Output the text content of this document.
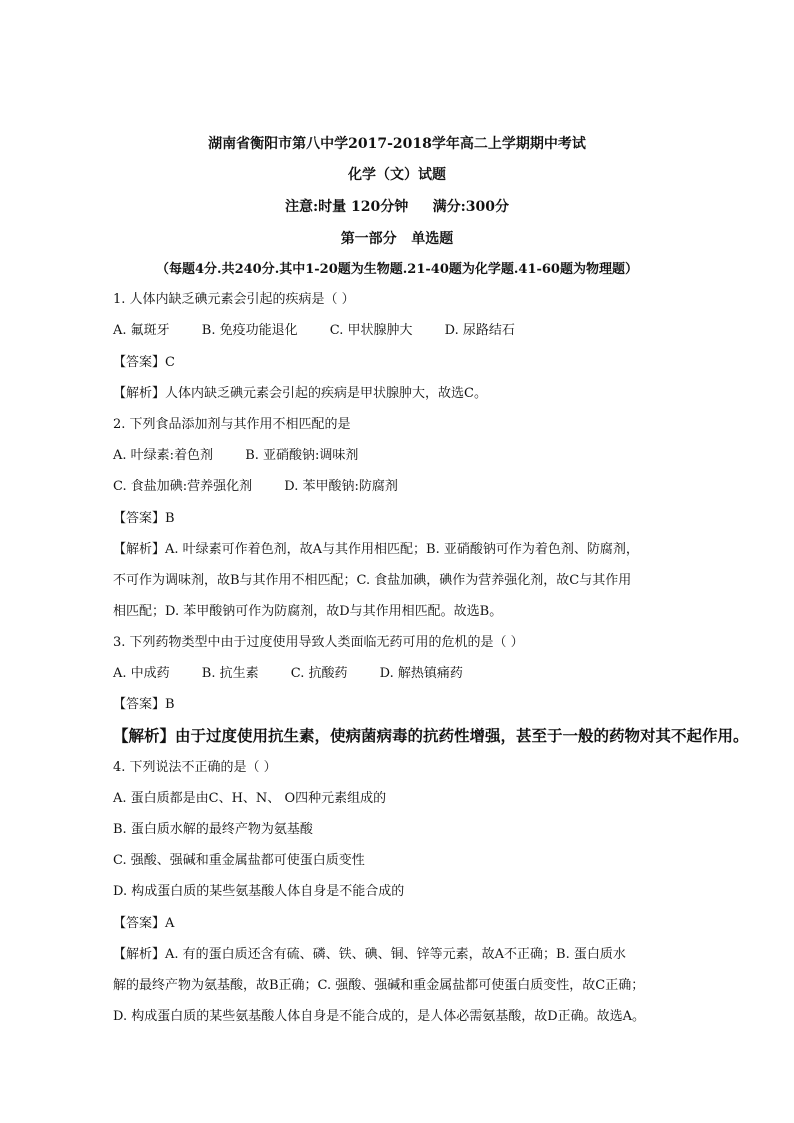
湖南省衡阳市第八中学2017-2018学年高二上学期期中考试
化学（文）试题
注意:时量 120分钟     满分:300分
第一部分   单选题
（每题4分.共240分.其中1-20题为生物题.21-40题为化学题.41-60题为物理题）
1. 人体内缺乏碘元素会引起的疾病是（ ）
A. 氟斑牙 B. 免疫功能退化 C. 甲状腺肿大 D. 尿路结石
【答案】C
【解析】人体内缺乏碘元素会引起的疾病是甲状腺肿大，故选C。
2. 下列食品添加剂与其作用不相匹配的是
A. 叶绿素:着色剂 B. 亚硝酸钠:调味剂
C. 食盐加碘:营养强化剂 D. 苯甲酸钠:防腐剂
【答案】B
【解析】A. 叶绿素可作着色剂，故A与其作用相匹配；B. 亚硝酸钠可作为着色剂、防腐剂，
不可作为调味剂，故B与其作用不相匹配；C. 食盐加碘，碘作为营养强化剂，故C与其作用
相匹配；D. 苯甲酸钠可作为防腐剂，故D与其作用相匹配。故选B。
3. 下列药物类型中由于过度使用导致人类面临无药可用的危机的是（ ）
A. 中成药 B. 抗生素 C. 抗酸药 D. 解热镇痛药
【答案】B
【解析】由于过度使用抗生素，使病菌病毒的抗药性增强，甚至于一般的药物对其不起作用。
4. 下列说法不正确的是（ ）
A. 蛋白质都是由C、H、N、 O四种元素组成的
B. 蛋白质水解的最终产物为氨基酸
C. 强酸、强碱和重金属盐都可使蛋白质变性
D. 构成蛋白质的某些氨基酸人体自身是不能合成的
【答案】A
【解析】A. 有的蛋白质还含有硫、磷、铁、碘、铜、锌等元素，故A不正确；B. 蛋白质水
解的最终产物为氨基酸，故B正确；C. 强酸、强碱和重金属盐都可使蛋白质变性，故C正确；
D. 构成蛋白质的某些氨基酸人体自身是不能合成的，是人体必需氨基酸，故D正确。故选A。
